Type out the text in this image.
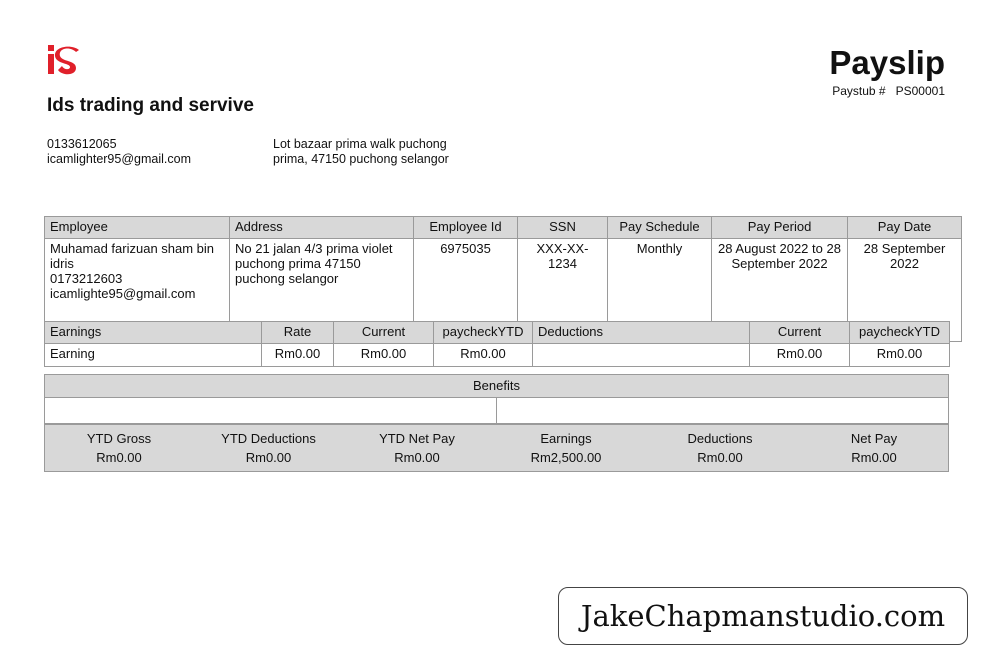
Ids trading and servive
0133612065
icamlighter95@gmail.com
Lot bazaar prima walk puchong
prima, 47150 puchong selangor
Payslip
Paystub # PS00001
Employee	Address	Employee Id	SSN	Pay Schedule	Pay Period	Pay Date

Muhamad farizuan sham bin idris
0173212603
icamlighte95@gmail.com	No 21 jalan 4/3 prima violet puchong prima 47150 puchong selangor	6975035	XXX-XX-1234	Monthly	28 August 2022 to 28 September 2022	28 September 2022
Earnings	Rate	Current	paycheckYTD	Deductions	Current	paycheckYTD
Earning	Rm0.00	Rm0.00	Rm0.00		Rm0.00	Rm0.00
Benefits
YTD Gross
Rm0.00
YTD Deductions
Rm0.00
YTD Net Pay
Rm0.00
Earnings
Rm2,500.00
Deductions
Rm0.00
Net Pay
Rm0.00
JakeChapmanstudio.com
